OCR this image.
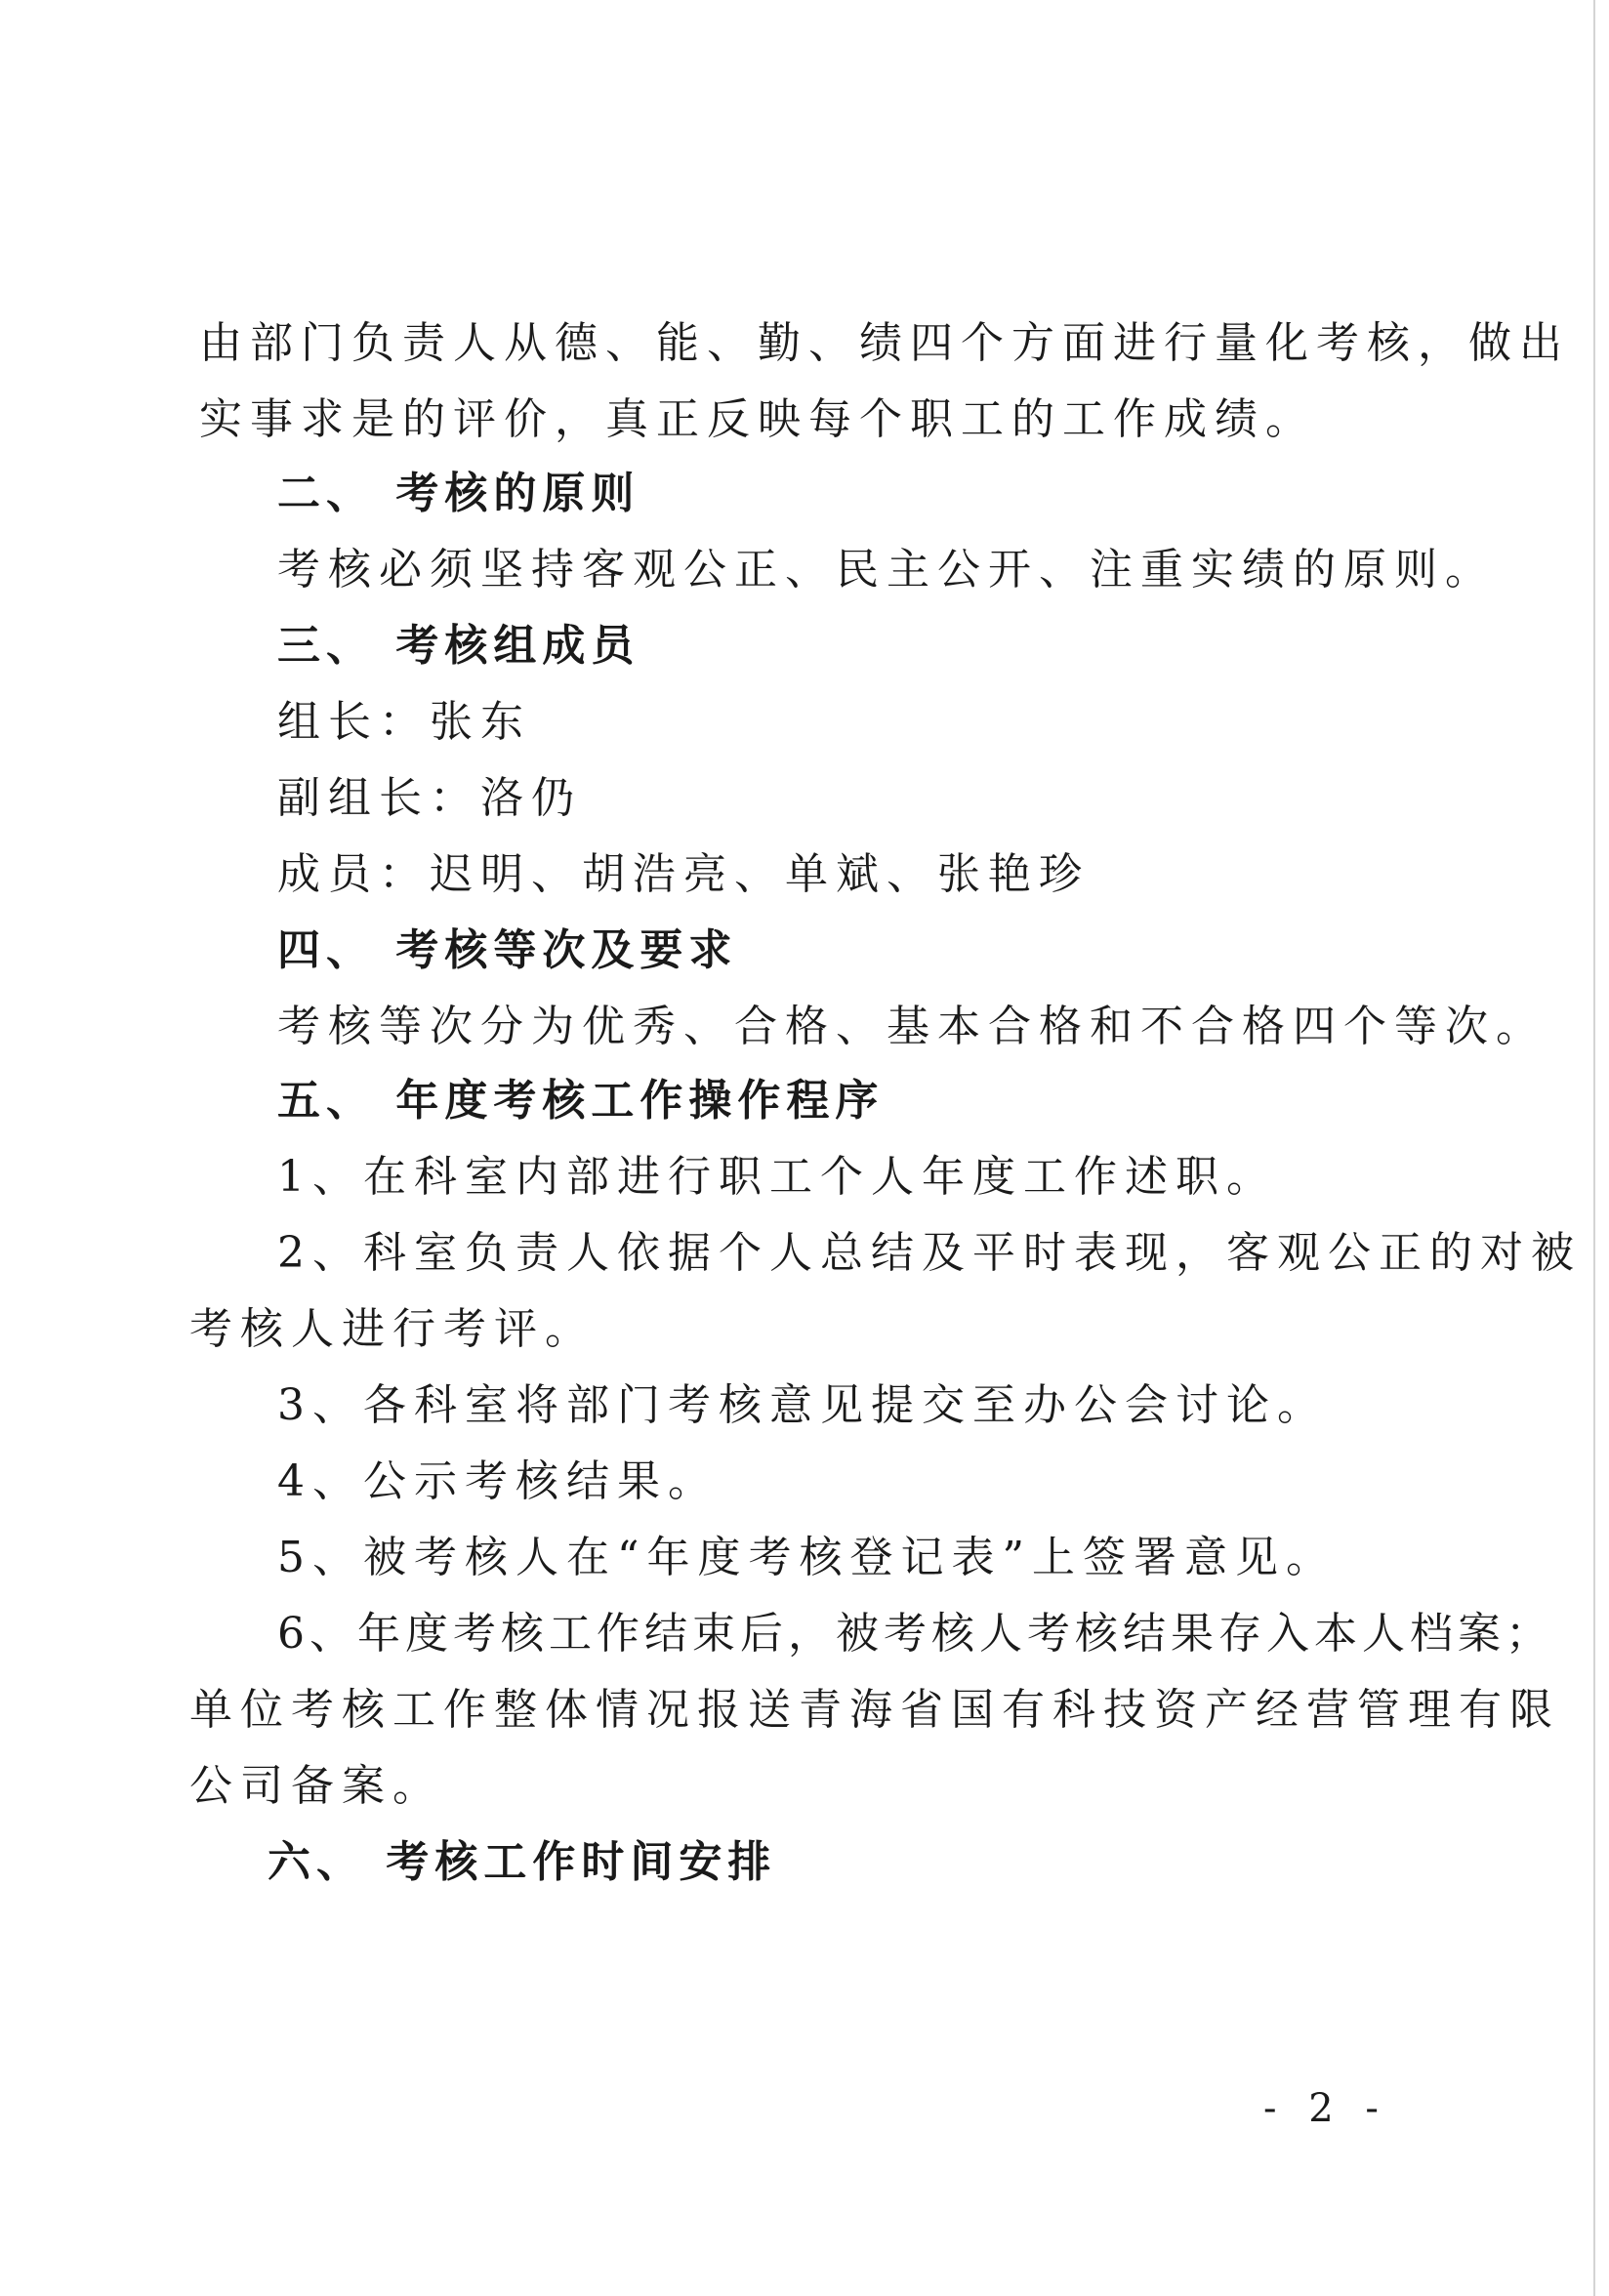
由部门负责人从德、能、勤、绩四个方面进行量化考核，做出

实事求是的评价，真正反映每个职工的工作成绩。

二、 考核的原则

考核必须坚持客观公正、民主公开、注重实绩的原则。

三、 考核组成员

组长：张东

副组长：洛仍

成员：迟明、胡浩亮、单斌、张艳珍

四、 考核等次及要求

考核等次分为优秀、合格、基本合格和不合格四个等次。

五、 年度考核工作操作程序

1、在科室内部进行职工个人年度工作述职。

2、科室负责人依据个人总结及平时表现，客观公正的对被

考核人进行考评。

3、各科室将部门考核意见提交至办公会讨论。

4、公示考核结果。

5、被考核人在“年度考核登记表”上签署意见。

6、年度考核工作结束后，被考核人考核结果存入本人档案；

单位考核工作整体情况报送青海省国有科技资产经营管理有限

公司备案。

六、 考核工作时间安排

- 2 -
